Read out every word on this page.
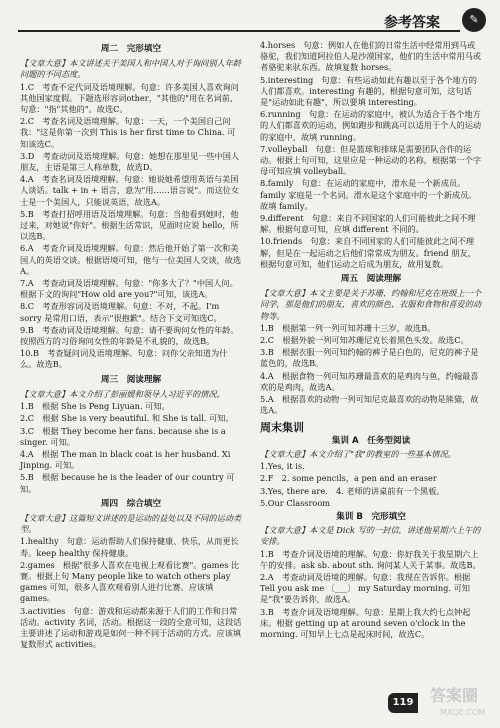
参考答案	✎
周二　完形填空
【文章大意】本文讲述关于美国人和中国人对于询问别人年龄问题的不同态度。
1.C　考查不定代词及语境理解。句意：许多美国人喜欢询问其他国家度假。下题选形容词other，"其他的"用在名词前，句意："指"其他的"。故选C。
2.C　考查名词及语境理解。句意：一天，一个美国自己问我："这是你第一次到 This is her first time to China. 可知该选C。
3.D　考查动词及语境理解。句意：她想在那里见一些中国人朋友，主语是第三人称单数，故选D。
4.A　考查名词及语境理解。句意：她说她希望用英语与美国人谈话。talk + in + 语言，意为"用……语言说"。而这位女士是一个美国人，只能说英语，故选A。
5.B　考查打招呼用语及语境理解。句意：当他看到她时，他过来，对她说"你好"。根据生活常识，见面时应说 hello，所以选B。
6.A　考查介词及语境理解。句意：然后他开始了第一次和美国人的英语交谈。根据语境可知，他与一位美国人交谈，故选A。
7.A　考查动词及语境理解。句意："你多大了？"中国人问。根据下文的询问"How old are you?"可知，该选A。
8.C　考查形容词及语境理解。句意：不对，不起。I'm sorry 是常用口语，表示"很抱歉"。结合下文可知选C。
9.B　考查动词及语境理解。句意：请不要询问女性的年龄。按照西方的习俗询问女性的年龄是不礼貌的，故选B。
10.B　考查疑问词及语境理解。句意：问你父亲知道为什么。故选B。
周三　阅读理解
【文章大意】本文介绍了彭丽媛和领导人习近平的情况。
1.B　根据 She is Peng Liyuan. 可知。
2.C　根据 She is very beautiful. 和 She is tall. 可知。
3.C　根据 They become her fans. because she is a singer. 可知。
4.A　根据 The man in black coat is her husband. Xi Jinping. 可知。
5.B　根据 because he is the leader of our country 可知。
周四　综合填空
【文章大意】这篇短文讲述的是运动的益处以及不同的运动类型。
1.healthy　句意：运动帮助人们保持健康、快乐，从而更长寿。keep healthy 保持健康。
2.games　根据"很多人喜欢在电视上观看比赛"。games 比赛。根据上句 Many people like to watch others play games 可知，很多人喜欢观看别人进行比赛。应该填 games。
3.activities　句意：游戏和运动都来源于人们的工作和日常活动。activity 名词，活动。根据这一段的全意可知，这段话主要讲述了运动和游戏是如何一种不同于活动的方式。应该填复数形式 activities。
4.horses　句意：例如人在他们的日常生活中经常用到马或骆驼，我们知道阿拉伯人是沙漠国家，他们的生活中常用马或者骆驼来驮东西。故填复数 horses。
5.interesting　句意：有些运动如此有趣以至于各个地方的人们都喜欢。interesting 有趣的，根据句意可知，这句话是"运动如此有趣"，所以要填 interesting。
6.running　句意：在运动的家庭中，被认为适合于各个地方的人们都喜欢的运动，例如跑步和跳高可以适用于个人的运动的家庭中，故填 running。
7.volleyball　句意：但是篮球和排球是需要团队合作的运动。根据上句可知，这里应是一种运动的名称，根据第一个字母可知应填 volleyball。
8.family　句意：在运动的家庭中，滑水是一个新成员。family 家庭是一个名词。滑水是这个家庭中的一个新成员。故填 family。
9.different　句意：来自不同国家的人们可能彼此之间不理解。根据句意可知，应填 different 不同的。
10.friends　句意：来自不同国家的人们可能彼此之间不理解，但是在一起运动之后他们常常成为朋友。friend 朋友，根据句意可知，他们运动之后成为朋友，故用复数。
周五　阅读理解
【文章大意】本文主要是关于苏珊、约翰和尼克在班级上一个同学，那是他们的朋友，喜欢的颜色、衣服和食物和喜爱的动物等。
1.B　根据第一列一列可知苏珊十三岁，故选B。
2.C　根据外貌一列可知苏珊尼克长着黑色头发。故选C。
3.B　根据衣服一列可知约翰的裤子是白色的，尼克的裤子是蓝色的，故选B。
4.A　根据食物一列可知苏珊最喜欢的是鸡肉与鱼，约翰最喜欢的是鸡肉，故选A。
5.A　根据喜欢的动物一列可知尼克最喜欢的动物是熊猫，故选A。
周末集训
集训 A　任务型阅读
【文章大意】本文介绍了"我"的教室的一些基本情况。
1.Yes, it is.
2.F　2. some pencils，a pen and an eraser
3.Yes, there are.　4. 老师的讲桌前有一个黑板。
5.Our Classroom
集训 B　完形填空
【文章大意】本文是 Dick 写的一封信，讲述他星期六上午的安排。
1.B　考查介词及语境的理解。句意：你好我关于我星期六上午的安排。ask sb. about sth. 询问某人关于某事。故选B。
2.A　考查动词及语境的理解。句意：我现在告诉你。根据 Tell you ask me 〔___〕 my Saturday morning. 可知是"我"要告诉你，故选A。
3.B　考查介词及语境理解。句意：星期上我大约七点钟起床。根据 getting up at around seven o'clock in the morning. 可知早上七点是起床时间，故选C。
119 答案圈
MXQE.COM
